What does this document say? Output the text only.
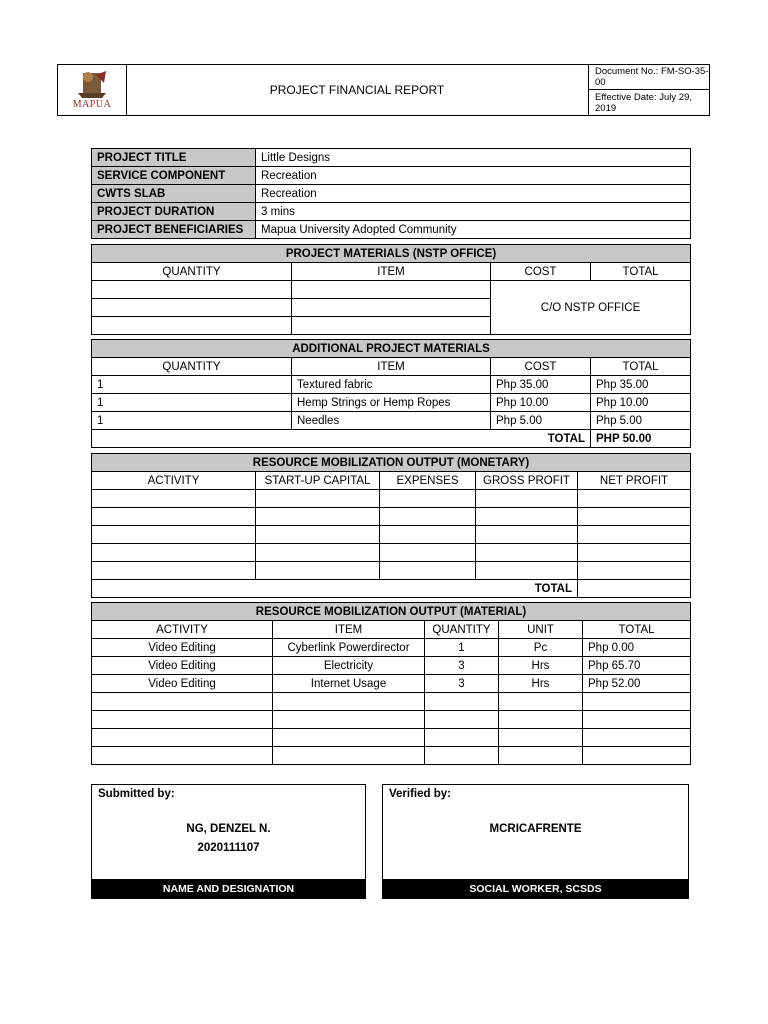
MAPUA
PROJECT FINANCIAL REPORT
Document No.: FM-SO-35-00
Effective Date: July 29, 2019
PROJECT TITLE	Little Designs
SERVICE COMPONENT	Recreation
CWTS SLAB	Recreation
PROJECT DURATION	3 mins
PROJECT BENEFICIARIES	Mapua University Adopted Community
PROJECT MATERIALS (NSTP OFFICE)			
QUANTITY	ITEM	COST	TOTAL
		C/O NSTP OFFICE	

ADDITIONAL PROJECT MATERIALS			
QUANTITY	ITEM	COST	TOTAL
1	Textured fabric	Php 35.00	Php 35.00
1	Hemp Strings or Hemp Ropes	Php 10.00	Php 10.00
1	Needles	Php 5.00	Php 5.00
TOTAL			PHP 50.00
RESOURCE MOBILIZATION OUTPUT (MONETARY)				
ACTIVITY	START-UP CAPITAL	EXPENSES	GROSS PROFIT	NET PROFIT

TOTAL				
RESOURCE MOBILIZATION OUTPUT (MATERIAL)				
ACTIVITY	ITEM	QUANTITY	UNIT	TOTAL
Video Editing	Cyberlink Powerdirector	1	Pc	Php 0.00
Video Editing	Electricity	3	Hrs	Php 65.70
Video Editing	Internet Usage	3	Hrs	Php 52.00

Submitted by:
NG, DENZEL N.
2020111107
NAME AND DESIGNATION
Verified by:
MCRICAFRENTE
SOCIAL WORKER, SCSDS
